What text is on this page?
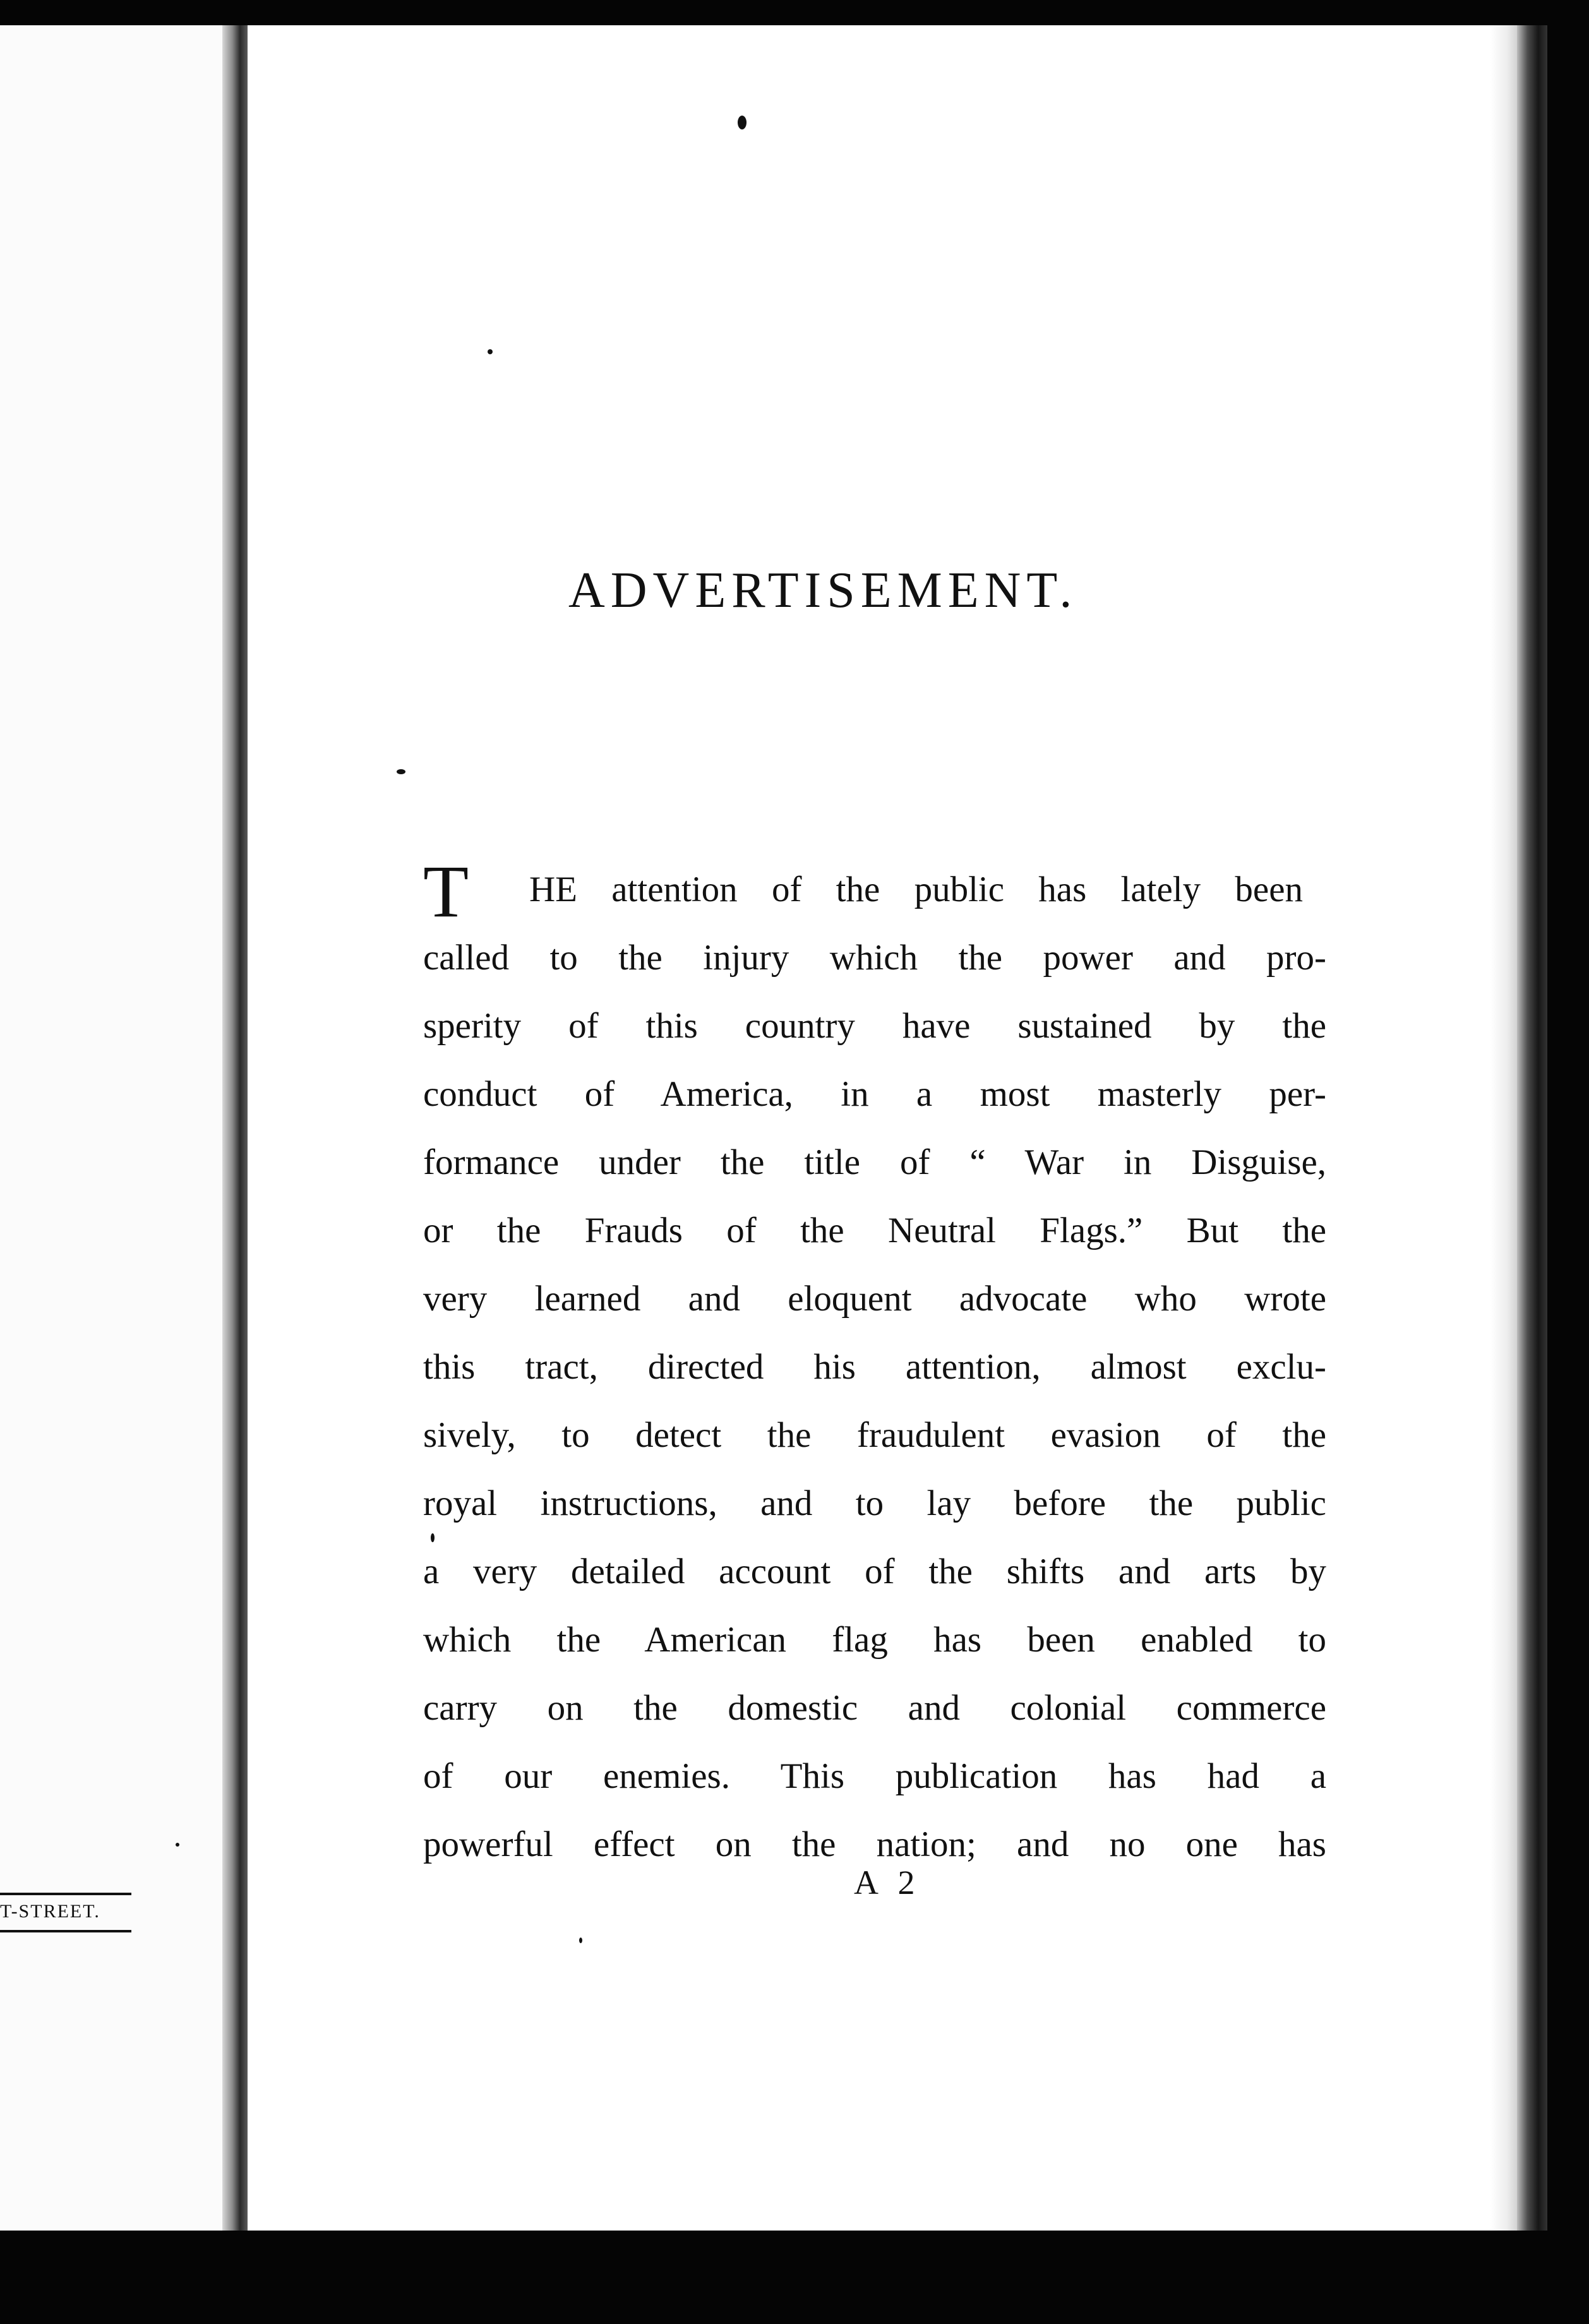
T-STREET.
ADVERTISEMENT.
T HE attention of the public has lately been
called to the injury which the power and pro-
sperity of this country have sustained by the
conduct of America, in a most masterly per-
formance under the title of “ War in Disguise,
or the Frauds of the Neutral Flags.” But the
very learned and eloquent advocate who wrote
this tract, directed his attention, almost exclu-
sively, to detect the fraudulent evasion of the
royal instructions, and to lay before the public
a very detailed account of the shifts and arts by
which the American flag has been enabled to
carry on the domestic and colonial commerce
of our enemies. This publication has had a
powerful effect on the nation; and no one has
A 2
